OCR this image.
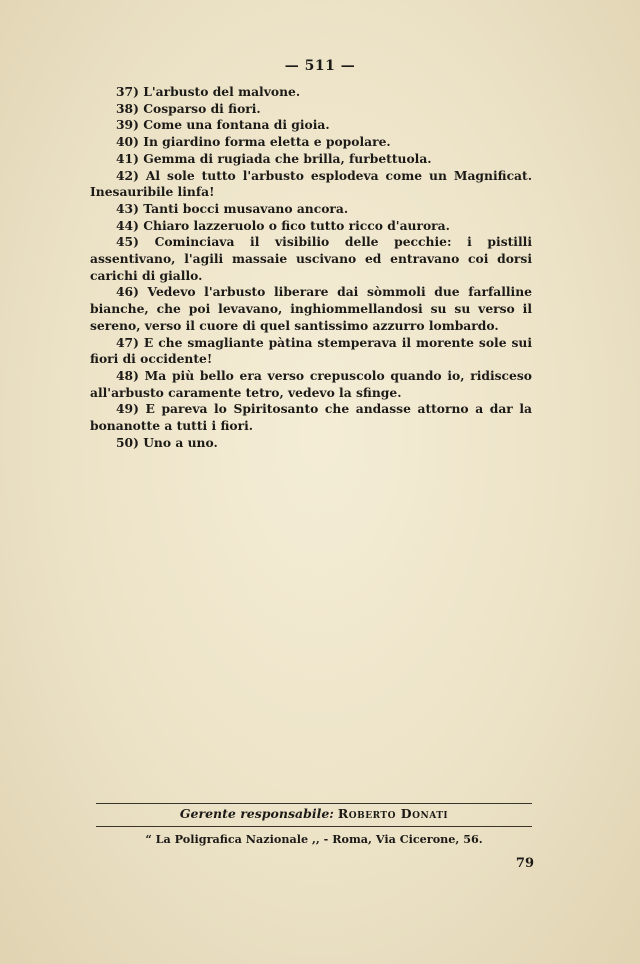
— 511 —

37) L'arbusto del malvone.

38) Cosparso di fiori.

39) Come una fontana di gioia.

40) In giardino forma eletta e popolare.

41) Gemma di rugiada che brilla, furbettuola.

42) Al sole tutto l'arbusto esplodeva come un Magnificat. Inesauribile linfa!

43) Tanti bocci musavano ancora.

44) Chiaro lazzeruolo o fico tutto ricco d'aurora.

45) Cominciava il visibilio delle pecchie: i pistilli assentivano, l'agili massaie uscivano ed entravano coi dorsi carichi di giallo.

46) Vedevo l'arbusto liberare dai sòmmoli due farfalline bianche, che poi levavano, inghiommellandosi su su verso il sereno, verso il cuore di quel santissimo azzurro lombardo.

47) E che smagliante pàtina stemperava il morente sole sui fiori di occidente!

48) Ma più bello era verso crepuscolo quando io, ridisceso all'arbusto caramente tetro, vedevo la sfinge.

49) E pareva lo Spiritosanto che andasse attorno a dar la bonanotte a tutti i fiori.

50) Uno a uno.

Gerente responsabile: Roberto Donati
“ La Poligrafica Nazionale ,, - Roma, Via Cicerone, 56.
79
